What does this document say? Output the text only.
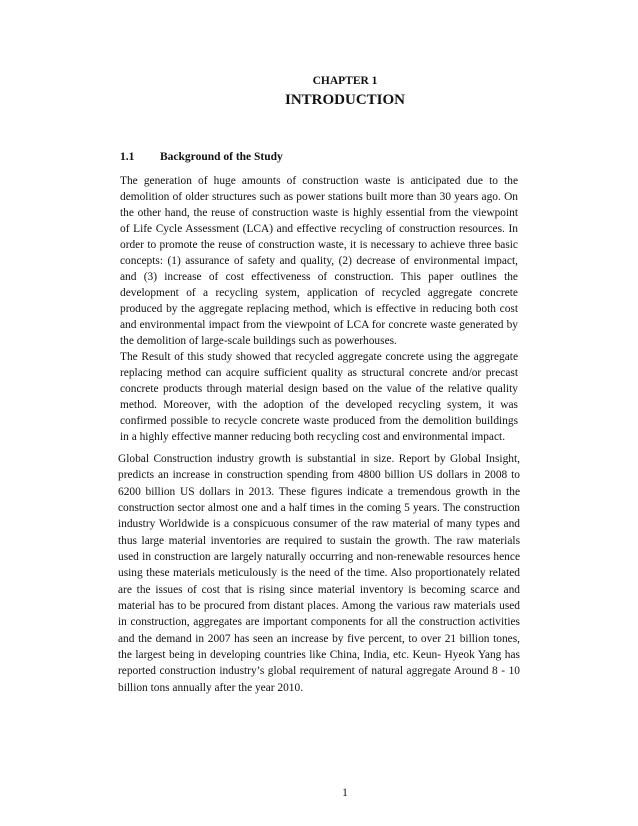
CHAPTER 1
INTRODUCTION
1.1	Background of the Study

The generation of huge amounts of construction waste is anticipated due to the demolition of older structures such as power stations built more than 30 years ago. On the other hand, the reuse of construction waste is highly essential from the viewpoint of Life Cycle Assessment (LCA) and effective recycling of construction resources. In order to promote the reuse of construction waste, it is necessary to achieve three basic concepts: (1) assurance of safety and quality, (2) decrease of environmental impact, and (3) increase of cost effectiveness of construction. This paper outlines the development of a recycling system, application of recycled aggregate concrete produced by the aggregate replacing method, which is effective in reducing both cost and environmental impact from the viewpoint of LCA for concrete waste generated by the demolition of large-scale buildings such as powerhouses.

The Result of this study showed that recycled aggregate concrete using the aggregate replacing method can acquire sufficient quality as structural concrete and/or precast concrete products through material design based on the value of the relative quality method. Moreover, with the adoption of the developed recycling system, it was confirmed possible to recycle concrete waste produced from the demolition buildings in a highly effective manner reducing both recycling cost and environmental impact.

Global Construction industry growth is substantial in size. Report by Global Insight, predicts an increase in construction spending from 4800 billion US dollars in 2008 to 6200 billion US dollars in 2013. These figures indicate a tremendous growth in the construction sector almost one and a half times in the coming 5 years. The construction industry Worldwide is a conspicuous consumer of the raw material of many types and thus large material inventories are required to sustain the growth. The raw materials used in construction are largely naturally occurring and non-renewable resources hence using these materials meticulously is the need of the time. Also proportionately related are the issues of cost that is rising since material inventory is becoming scarce and material has to be procured from distant places. Among the various raw materials used in construction, aggregates are important components for all the construction activities and the demand in 2007 has seen an increase by five percent, to over 21 billion tones, the largest being in developing countries like China, India, etc. Keun- Hyeok Yang has reported construction industry’s global requirement of natural aggregate Around 8 - 10 billion tons annually after the year 2010.

1
